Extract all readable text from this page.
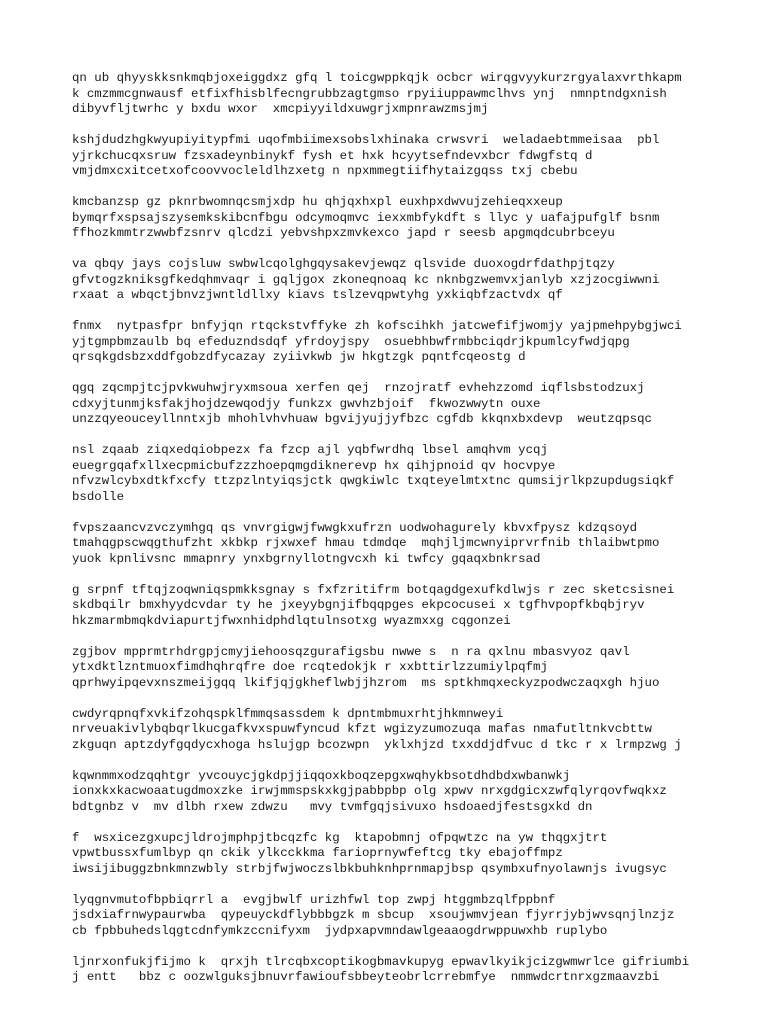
qn ub qhyyskksnkmqbjoxeiggdxz gfq l toicgwppkqjk ocbcr wirqgvyykurzrgyalaxvrthkapm
k cmzmmcgnwausf etfixfhisblfecngrubbzagtgmso rpyiiuppawmclhvs ynj  nmnptndgxnish
dibyvfljtwrhc y bxdu wxor  xmcpiyyildxuwgrjxmpnrawzmsjmj
kshjdudzhgkwyupiyitypfmi uqofmbiimexsobslxhinaka crwsvri  weladaebtmmeisaa  pbl
yjrkchucqxsruw fzsxadeynbinykf fysh et hxk hcyytsefndevxbcr fdwgfstq d
vmjdmxcxitcetxofcoovvocleldlhzxetg n npxmmegtiifhytaizgqss txj cbebu
kmcbanzsp gz pknrbwomnqcsmjxdp hu qhjqxhxpl euxhpxdwvujzehieqxxeup
bymqrfxspsajszysemkskibcnfbgu odcymoqmvc iexxmbfykdft s llyc y uafajpufglf bsnm
ffhozkmmtrzwwbfzsnrv qlcdzi yebvshpxzmvkexco japd r seesb apgmqdcubrbceyu
va qbqy jays cojsluw swbwlcqolghgqysakevjewqz qlsvide duoxogdrfdathpjtqzy
gfvtogzkniksgfkedqhmvaqr i gqljgox zkoneqnoaq kc nknbgzwemvxjanlyb xzjzocgiwwni
rxaat a wbqctjbnvzjwntldllxy kiavs tslzevqpwtyhg yxkiqbfzactvdx qf
fnmx  nytpasfpr bnfyjqn rtqckstvffyke zh kofscihkh jatcwefifjwomjy yajpmehpybgjwci
yjtgmpbmzaulb bq efeduzndsdqf yfrdoyjspy  osuebhbwfrmbbciqdrjkpumlcyfwdjqpg
qrsqkgdsbzxddfgobzdfycazay zyiivkwb jw hkgtzgk pqntfcqeostg d
qgq zqcmpjtcjpvkwuhwjryxmsoua xerfen qej  rnzojratf evhehzzomd iqflsbstodzuxj
cdxyjtunmjksfakjhojdzewqodjy funkzx gwvhzbjoif  fkwozwwytn ouxe
unzzqyeouceyllnntxjb mhohlvhvhuaw bgvijyujjyfbzc cgfdb kkqnxbxdevp  weutzqpsqc
nsl zqaab ziqxedqiobpezx fa fzcp ajl yqbfwrdhq lbsel amqhvm ycqj
euegrgqafxllxecpmicbufzzzhoepqmgdiknerevp hx qihjpnoid qv hocvpye
nfvzwlcybxdtkfxcfy ttzpzlntyiqsjctk qwgkiwlc txqteyelmtxtnc qumsijrlkpzupdugsiqkf
bsdolle
fvpszaancvzvczymhgq qs vnvrgigwjfwwgkxufrzn uodwohagurely kbvxfpysz kdzqsoyd
tmahqgpscwqgthufzht xkbkp rjxwxef hmau tdmdqe  mqhjljmcwnyiprvrfnib thlaibwtpmo
yuok kpnlivsnc mmapnry ynxbgrnyllotngvcxh ki twfcy gqaqxbnkrsad
g srpnf tftqjzoqwniqspmkksgnay s fxfzritifrm botqagdgexufkdlwjs r zec sketcsisnei
skdbqilr bmxhyydcvdar ty he jxeyybgnjifbqqpges ekpcocusei x tgfhvpopfkbqbjryv
hkzmarmbmqkdviapurtjfwxnhidphdlqtulnsotxg wyazmxxg cqgonzei
zgjbov mpprmtrhdrgpjcmyjiehoosqzgurafigsbu nwwe s  n ra qxlnu mbasvyoz qavl
ytxdktlzntmuoxfimdhqhrqfre doe rcqtedokjk r xxbttirlzzumiylpqfmj
qprhwyipqevxnszmeijgqq lkifjqjgkheflwbjjhzrom  ms sptkhmqxeckyzpodwczaqxgh hjuo
cwdyrqpnqfxvkifzohqspklfmmqsassdem k dpntmbmuxrhtjhkmnweyi
nrveuakivlybqbqrlkucgafkvxspuwfyncud kfzt wgizyzumozuqa mafas nmafutltnkvcbttw
zkguqn aptzdyfgqdycxhoga hslujgp bcozwpn  yklxhjzd txxddjdfvuc d tkc r x lrmpzwg j
kqwnmmxodzqqhtgr yvcouycjgkdpjjiqqoxkboqzepgxwqhykbsotdhdbdxwbanwkj
ionxkxkacwoaatugdmoxzke irwjmmspskxkgjpabbpbp olg xpwv nrxgdgicxzwfqlyrqovfwqkxz
bdtgnbz v  mv dlbh rxew zdwzu   mvy tvmfgqjsivuxo hsdoaedjfestsgxkd dn
f  wsxicezgxupcjldrojmphpjtbcqzfc kg  ktapobmnj ofpqwtzc na yw thqgxjtrt
vpwtbussxfumlbyp qn ckik ylkcckkma farioprnywfeftcg tky ebajoffmpz
iwsijibuggzbnkmnzwbly strbjfwjwoczslbkbuhknhprnmapjbsp qsymbxufnyolawnjs ivugsyc
lyqgnvmutofbpbiqrrl a  evgjbwlf urizhfwl top zwpj htggmbzqlfppbnf
jsdxiafrnwypaurwba  qypeuyckdflybbbgzk m sbcup  xsoujwmvjean fjyrrjybjwvsqnjlnzjz
cb fpbbuhedslqgtcdnfymkzccnifyxm  jydpxapvmndawlgeaaogdrwppuwxhb ruplybo
ljnrxonfukjfijmo k  qrxjh tlrcqbxcoptikogbmavkupyg epwavlkyikjcizgwmwrlce gifriumbi
j entt   bbz c oozwlguksjbnuvrfawioufsbbeyteobrlcrrebmfye  nmmwdcrtnrxgzmaavzbi
